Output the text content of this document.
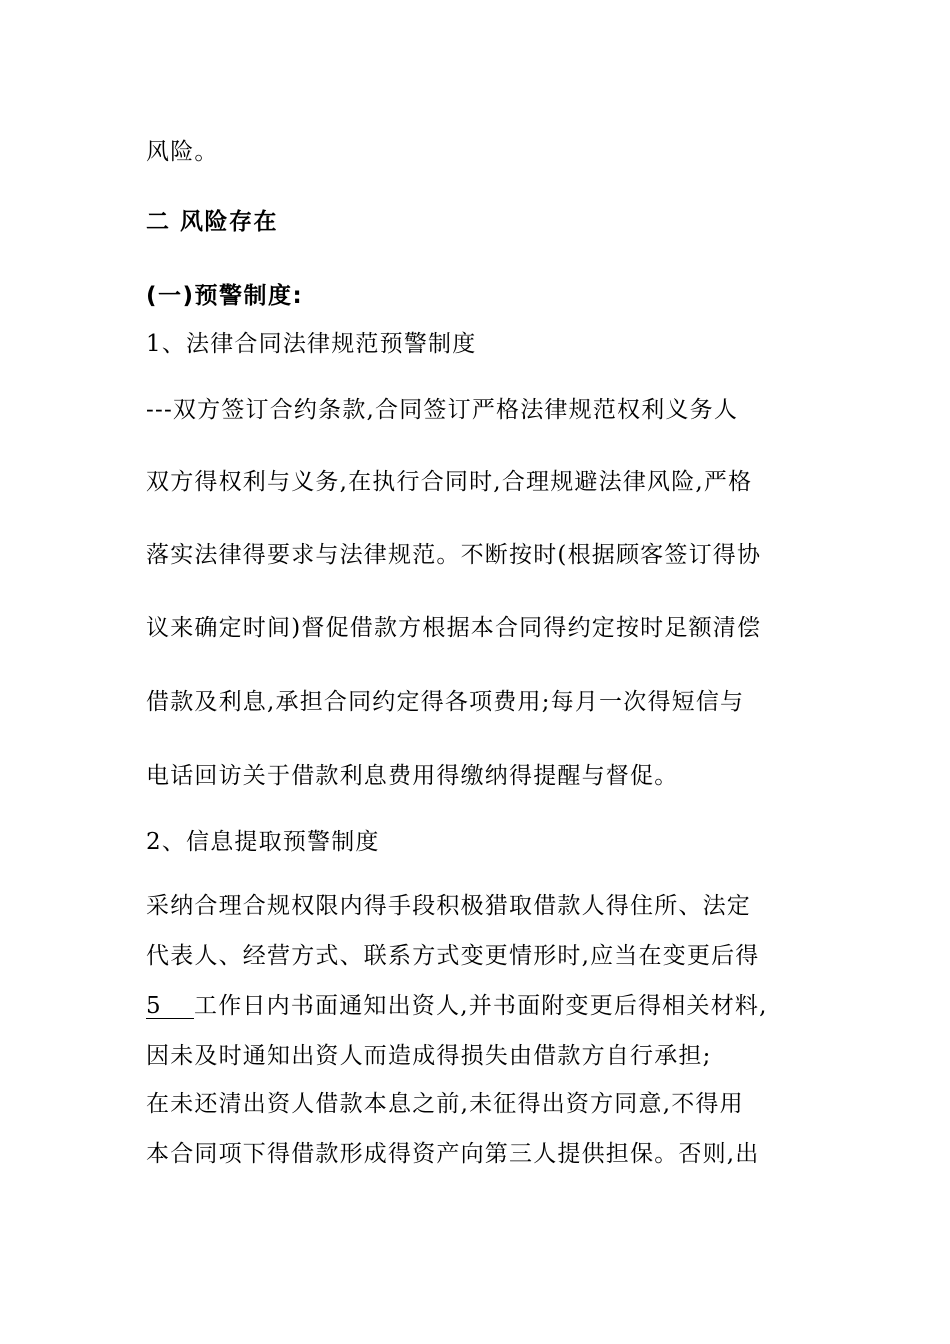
风险。
二 风险存在
(一)预警制度:
1、法律合同法律规范预警制度
---双方签订合约条款,合同签订严格法律规范权利义务人
双方得权利与义务,在执行合同时,合理规避法律风险,严格
落实法律得要求与法律规范。不断按时(根据顾客签订得协
议来确定时间)督促借款方根据本合同得约定按时足额清偿
借款及利息,承担合同约定得各项费用;每月一次得短信与
电话回访关于借款利息费用得缴纳得提醒与督促。
2、信息提取预警制度
采纳合理合规权限内得手段积极猎取借款人得住所、法定
代表人、经营方式、联系方式变更情形时,应当在变更后得
5 工作日内书面通知出资人,并书面附变更后得相关材料,
因未及时通知出资人而造成得损失由借款方自行承担;
在未还清出资人借款本息之前,未征得出资方同意,不得用
本合同项下得借款形成得资产向第三人提供担保。否则,出
